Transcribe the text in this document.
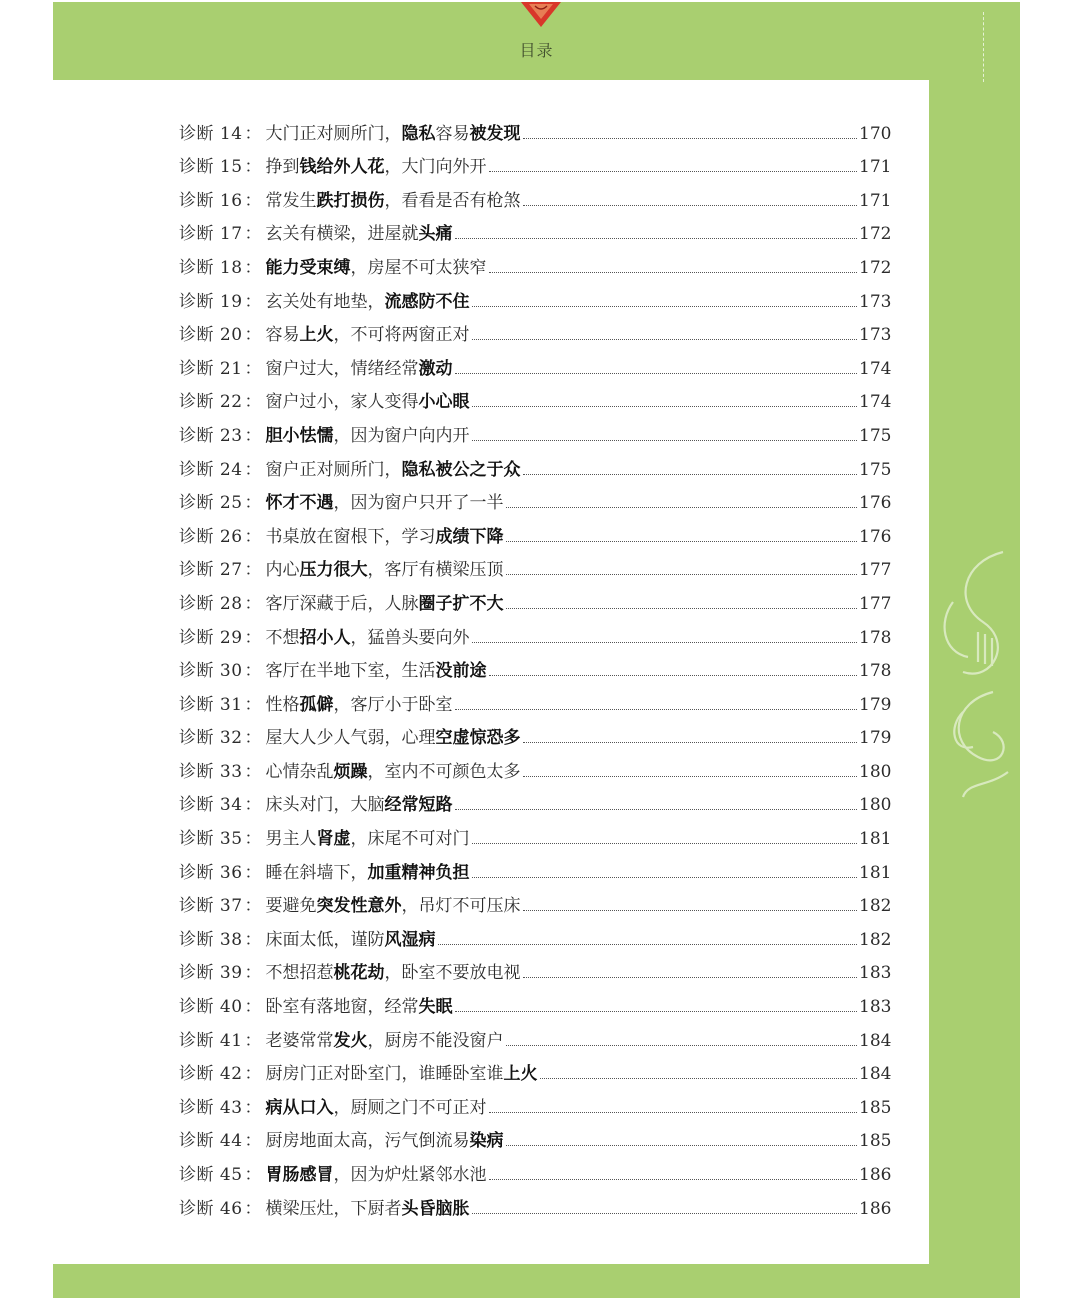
目录
诊断 14 ： 大门正对厕所门，隐私容易被发现	170
诊断 15 ： 挣到钱给外人花，大门向外开	171
诊断 16 ： 常发生跌打损伤，看看是否有枪煞	171
诊断 17 ： 玄关有横梁，进屋就头痛	172
诊断 18 ： 能力受束缚，房屋不可太狭窄	172
诊断 19 ： 玄关处有地垫，流感防不住	173
诊断 20 ： 容易上火，不可将两窗正对	173
诊断 21 ： 窗户过大，情绪经常激动	174
诊断 22 ： 窗户过小，家人变得小心眼	174
诊断 23 ： 胆小怯懦，因为窗户向内开	175
诊断 24 ： 窗户正对厕所门，隐私被公之于众	175
诊断 25 ： 怀才不遇，因为窗户只开了一半	176
诊断 26 ： 书桌放在窗根下，学习成绩下降	176
诊断 27 ： 内心压力很大，客厅有横梁压顶	177
诊断 28 ： 客厅深藏于后，人脉圈子扩不大	177
诊断 29 ： 不想招小人，猛兽头要向外	178
诊断 30 ： 客厅在半地下室，生活没前途	178
诊断 31 ： 性格孤僻，客厅小于卧室	179
诊断 32 ： 屋大人少人气弱，心理空虚惊恐多	179
诊断 33 ： 心情杂乱烦躁，室内不可颜色太多	180
诊断 34 ： 床头对门，大脑经常短路	180
诊断 35 ： 男主人肾虚，床尾不可对门	181
诊断 36 ： 睡在斜墙下，加重精神负担	181
诊断 37 ： 要避免突发性意外，吊灯不可压床	182
诊断 38 ： 床面太低，谨防风湿病	182
诊断 39 ： 不想招惹桃花劫，卧室不要放电视	183
诊断 40 ： 卧室有落地窗，经常失眠	183
诊断 41 ： 老婆常常发火，厨房不能没窗户	184
诊断 42 ： 厨房门正对卧室门，谁睡卧室谁上火	184
诊断 43 ： 病从口入，厨厕之门不可正对	185
诊断 44 ： 厨房地面太高，污气倒流易染病	185
诊断 45 ： 胃肠感冒，因为炉灶紧邻水池	186
诊断 46 ： 横梁压灶，下厨者头昏脑胀	186
